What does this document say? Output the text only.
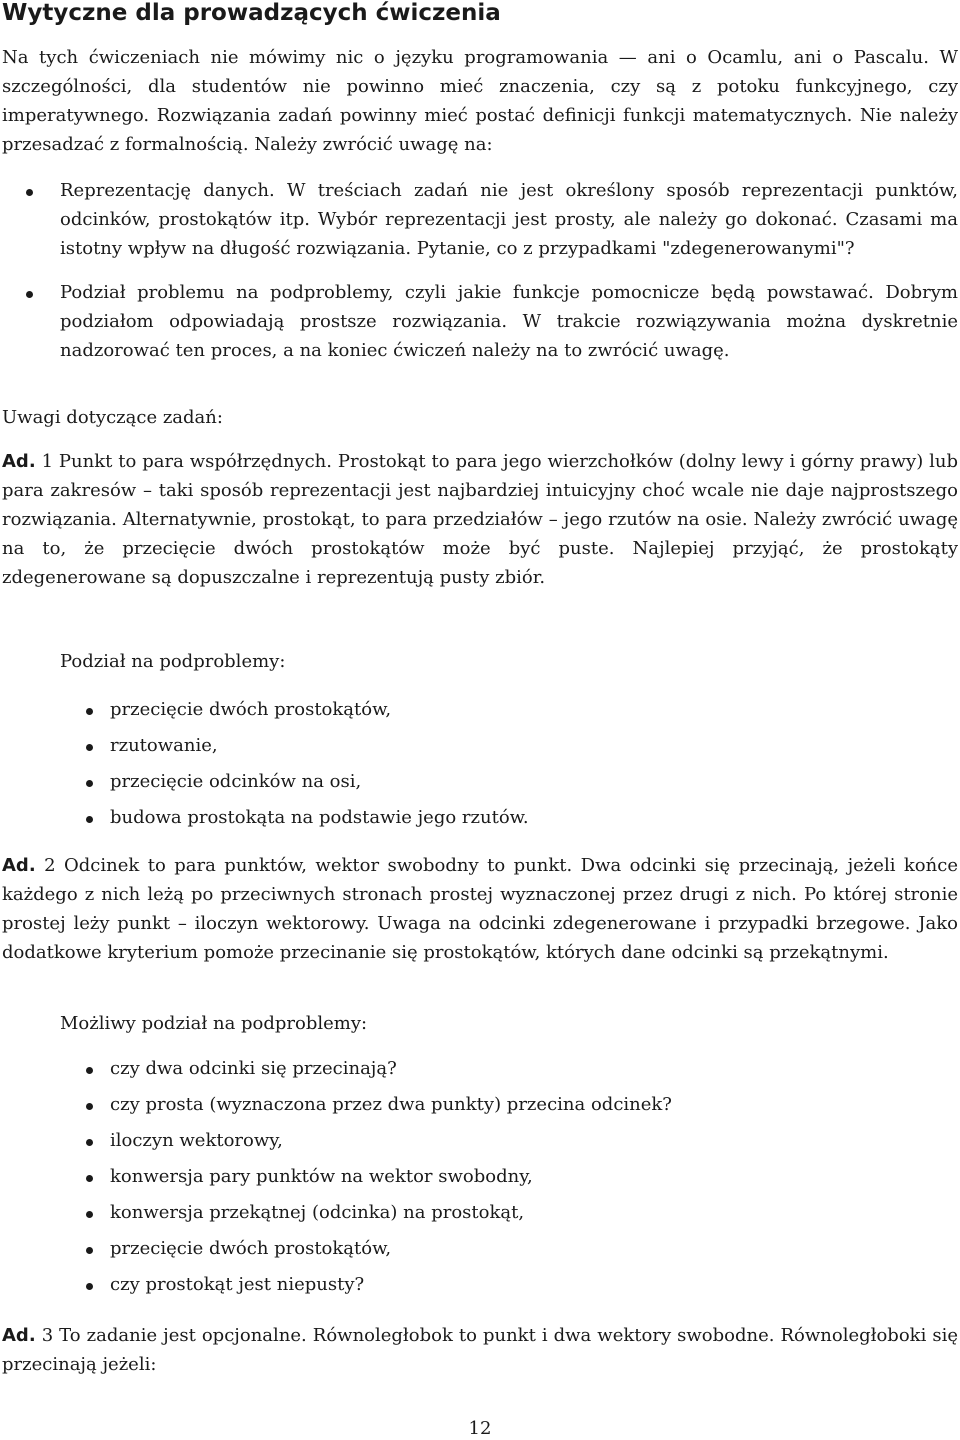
Wytyczne dla prowadzących ćwiczenia

Na tych ćwiczeniach nie mówimy nic o języku programowania — ani o Ocamlu, ani o Pascalu. W szczególności, dla studentów nie powinno mieć znaczenia, czy są z potoku funkcyjnego, czy imperatywnego. Rozwiązania zadań powinny mieć postać definicji funkcji matematycznych. Nie należy przesadzać z formalnością. Należy zwrócić uwagę na:

Reprezentację danych. W treściach zadań nie jest określony sposób reprezentacji punktów, odcinków, prostokątów itp. Wybór reprezentacji jest prosty, ale należy go dokonać. Czasami ma istotny wpływ na długość rozwiązania. Pytanie, co z przypadkami "zdegenerowanymi"?
Podział problemu na podproblemy, czyli jakie funkcje pomocnicze będą powstawać. Dobrym podziałom odpowiadają prostsze rozwiązania. W trakcie rozwiązywania można dyskretnie nadzorować ten proces, a na koniec ćwiczeń należy na to zwrócić uwagę.

Uwagi dotyczące zadań:

Ad. 1 Punkt to para współrzędnych. Prostokąt to para jego wierzchołków (dolny lewy i górny prawy) lub para zakresów – taki sposób reprezentacji jest najbardziej intuicyjny choć wcale nie daje najprostszego rozwiązania. Alternatywnie, prostokąt, to para przedziałów – jego rzutów na osie. Należy zwrócić uwagę na to, że przecięcie dwóch prostokątów może być puste. Najlepiej przyjąć, że prostokąty zdegenerowane są dopuszczalne i reprezentują pusty zbiór.

Podział na podproblemy:

przecięcie dwóch prostokątów,
rzutowanie,
przecięcie odcinków na osi,
budowa prostokąta na podstawie jego rzutów.

Ad. 2 Odcinek to para punktów, wektor swobodny to punkt. Dwa odcinki się przecinają, jeżeli końce każdego z nich leżą po przeciwnych stronach prostej wyznaczonej przez drugi z nich. Po której stronie prostej leży punkt – iloczyn wektorowy. Uwaga na odcinki zdegenerowane i przypadki brzegowe. Jako dodatkowe kryterium pomoże przecinanie się prostokątów, których dane odcinki są przekątnymi.

Możliwy podział na podproblemy:

czy dwa odcinki się przecinają?
czy prosta (wyznaczona przez dwa punkty) przecina odcinek?
iloczyn wektorowy,
konwersja pary punktów na wektor swobodny,
konwersja przekątnej (odcinka) na prostokąt,
przecięcie dwóch prostokątów,
czy prostokąt jest niepusty?

Ad. 3 To zadanie jest opcjonalne. Równoległobok to punkt i dwa wektory swobodne. Równoległoboki się przecinają jeżeli:

12
